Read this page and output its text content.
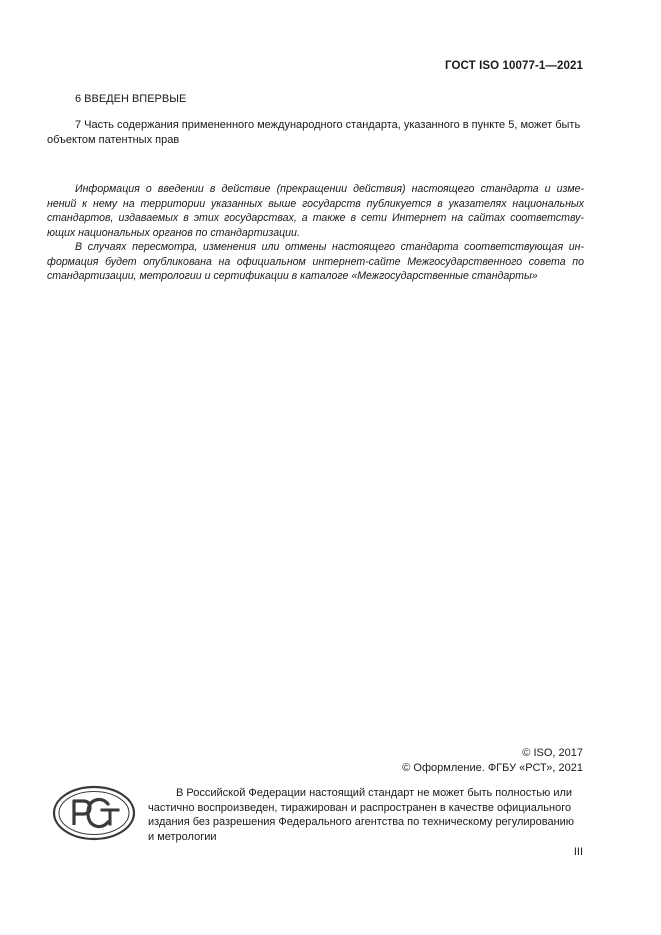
ГОСТ ISO 10077-1—2021

6 ВВЕДЕН ВПЕРВЫЕ

7 Часть содержания примененного международного стандарта, указанного в пункте 5, может быть
объектом патентных прав

Информация о введении в действие (прекращении действия) настоящего стандарта и изме-
нений к нему на территории указанных выше государств публикуется в указателях национальных
стандартов, издаваемых в этих государствах, а также в сети Интернет на сайтах соответству-
ющих национальных органов по стандартизации.
В случаях пересмотра, изменения или отмены настоящего стандарта соответствующая ин-
формация будет опубликована на официальном интернет-сайте Межгосударственного совета по
стандартизации, метрологии и сертификации в каталоге «Межгосударственные стандарты»
© ISO, 2017
© Оформление. ФГБУ «РСТ», 2021
В Российской Федерации настоящий стандарт не может быть полностью или
частично воспроизведен, тиражирован и распространен в качестве официального
издания без разрешения Федерального агентства по техническому регулированию
и метрологии
III
